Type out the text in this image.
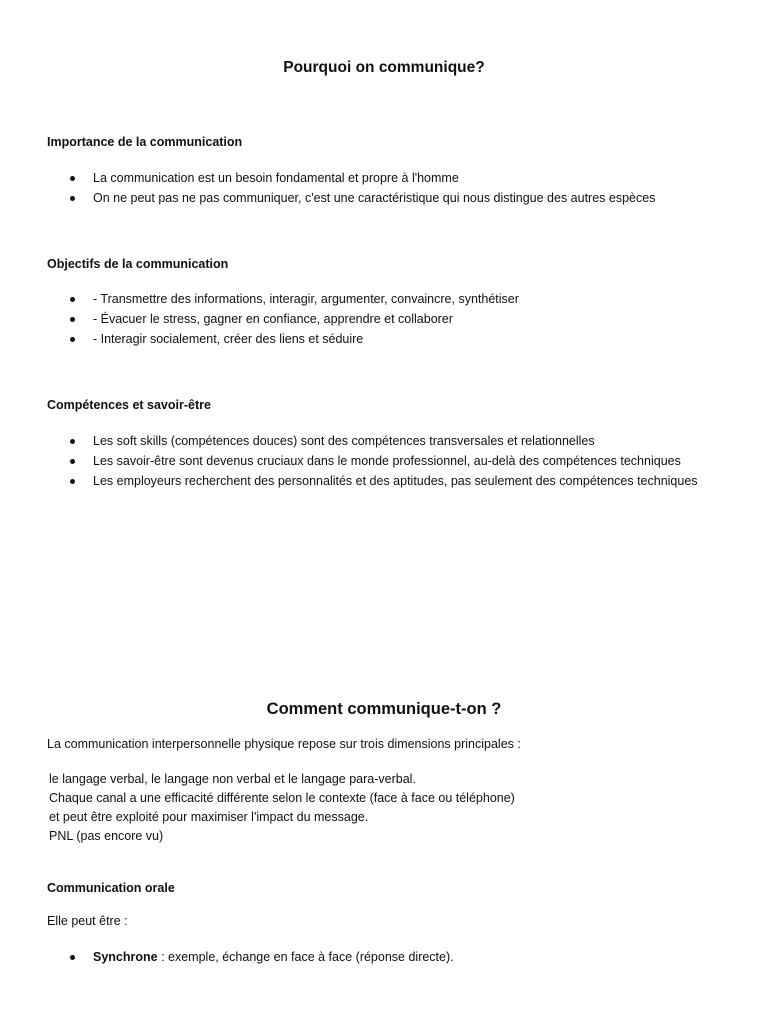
Pourquoi on communique?
Importance de la communication
La communication est un besoin fondamental et propre à l'homme
On ne peut pas ne pas communiquer, c'est une caractéristique qui nous distingue des autres espèces
Objectifs de la communication
- Transmettre des informations, interagir, argumenter, convaincre, synthétiser
- Évacuer le stress, gagner en confiance, apprendre et collaborer
- Interagir socialement, créer des liens et séduire
Compétences et savoir-être
Les soft skills (compétences douces) sont des compétences transversales et relationnelles
Les savoir-être sont devenus cruciaux dans le monde professionnel, au-delà des compétences techniques
Les employeurs recherchent des personnalités et des aptitudes, pas seulement des compétences techniques
Comment communique-t-on ?

La communication interpersonnelle physique repose sur trois dimensions principales :

le langage verbal, le langage non verbal et le langage para-verbal.

Chaque canal a une efficacité différente selon le contexte (face à face ou téléphone)

et peut être exploité pour maximiser l'impact du message.

PNL (pas encore vu)

Communication orale

Elle peut être :

Synchrone : exemple, échange en face à face (réponse directe).
